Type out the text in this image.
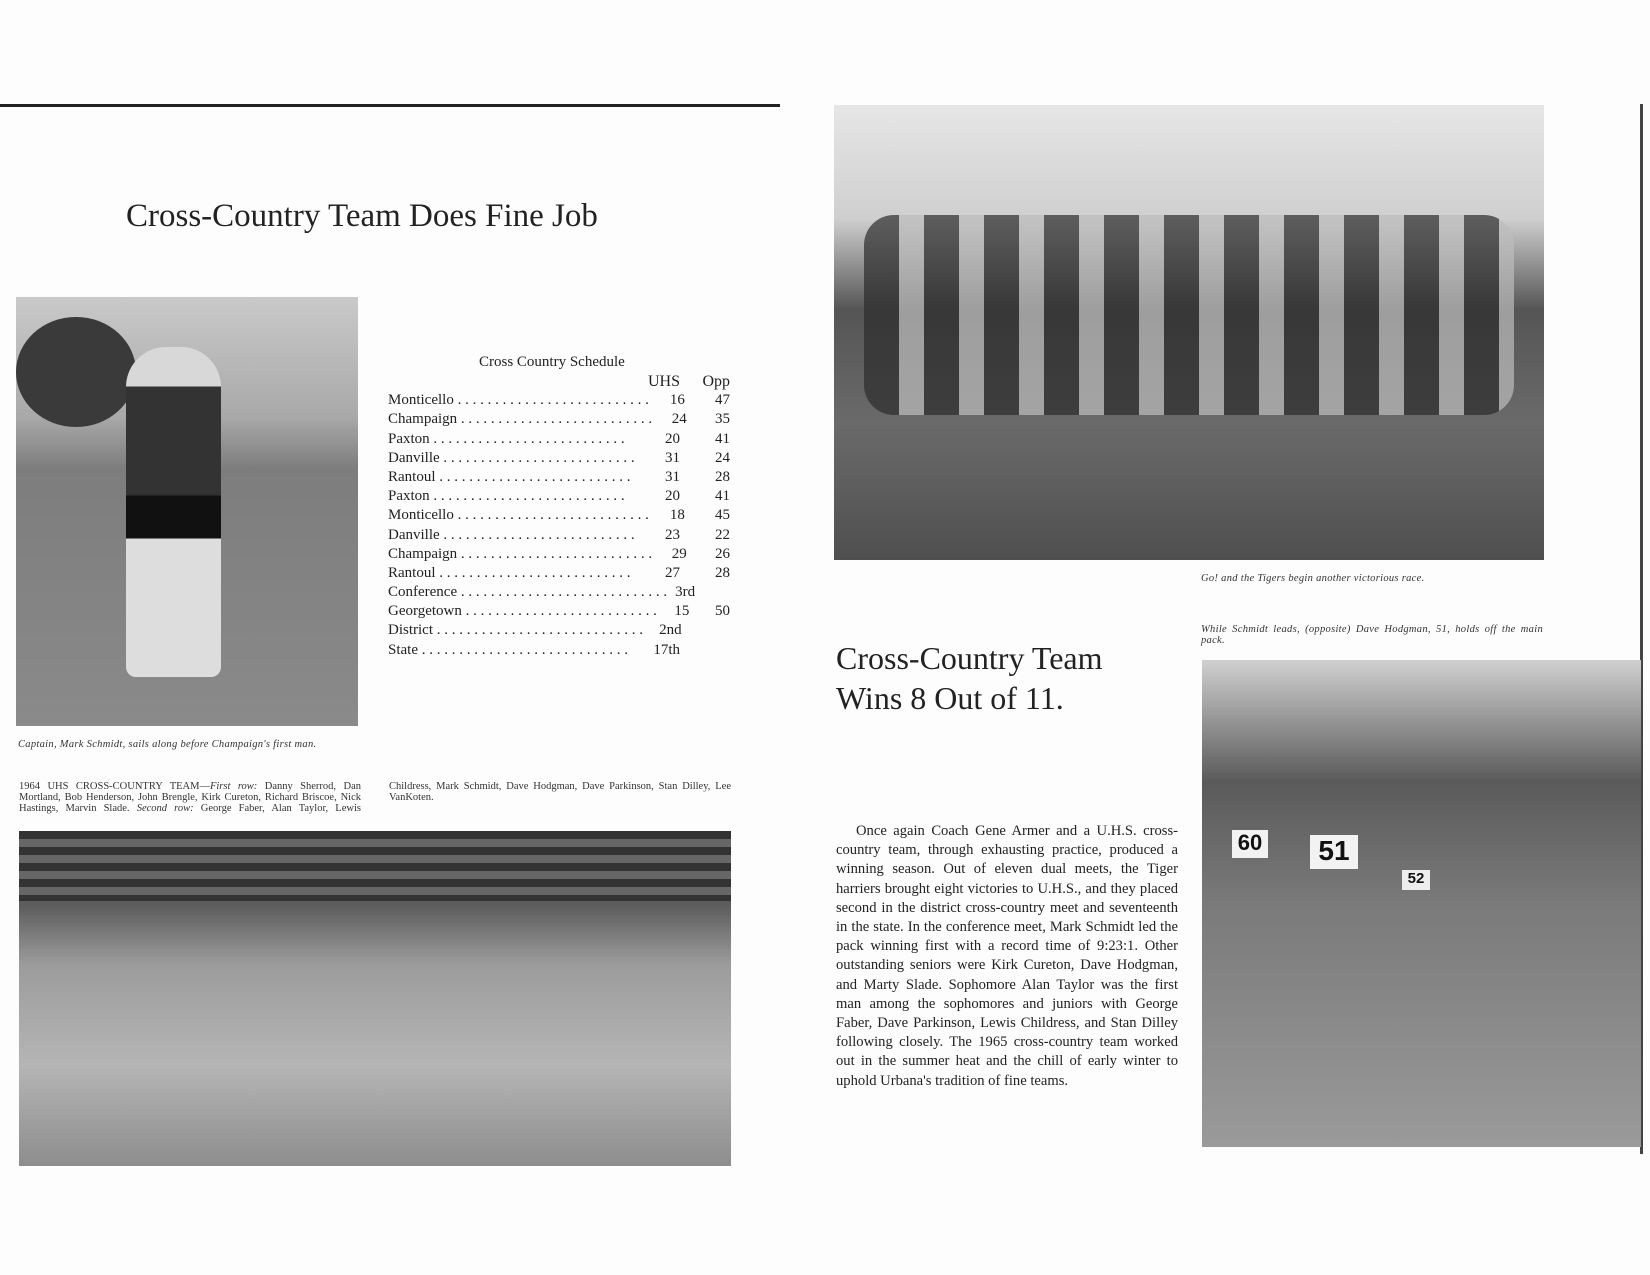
Cross-Country Team Does Fine Job
Captain, Mark Schmidt, sails along before Champaign's first man.
Cross Country Schedule
UHS	Opp
Monticello . . . . . . . . . . . . . . . . . . . . . . . . . .	16	47
Champaign . . . . . . . . . . . . . . . . . . . . . . . . . .	24	35
Paxton . . . . . . . . . . . . . . . . . . . . . . . . . .	20	41
Danville . . . . . . . . . . . . . . . . . . . . . . . . . .	31	24
Rantoul . . . . . . . . . . . . . . . . . . . . . . . . . .	31	28
Paxton . . . . . . . . . . . . . . . . . . . . . . . . . .	20	41
Monticello . . . . . . . . . . . . . . . . . . . . . . . . . .	18	45
Danville . . . . . . . . . . . . . . . . . . . . . . . . . .	23	22
Champaign . . . . . . . . . . . . . . . . . . . . . . . . . .	29	26
Rantoul . . . . . . . . . . . . . . . . . . . . . . . . . .	27	28
Conference . . . . . . . . . . . . . . . . . . . . . . . . . . . . 3rd
Georgetown . . . . . . . . . . . . . . . . . . . . . . . . . .	15	50
District . . . . . . . . . . . . . . . . . . . . . . . . . . . .	2nd
State . . . . . . . . . . . . . . . . . . . . . . . . . . . .	17th
1964 UHS CROSS-COUNTRY TEAM—First row: Danny Sherrod, Dan Mortland, Bob Henderson, John Brengle, Kirk Cureton, Richard Briscoe, Nick Hastings, Marvin Slade. Second row: George Faber, Alan Taylor, Lewis Childress, Mark Schmidt, Dave Hodgman, Dave Parkinson, Stan Dilley, Lee VanKoten.
Go! and the Tigers begin another victorious race.
While Schmidt leads, (opposite) Dave Hodgman, 51, holds off the main pack.
Cross-Country Team
Wins 8 Out of 11.
Once again Coach Gene Armer and a U.H.S. cross-country team, through exhausting practice, produced a winning season. Out of eleven dual meets, the Tiger harriers brought eight victories to U.H.S., and they placed second in the district cross-country meet and seventeenth in the state. In the conference meet, Mark Schmidt led the pack winning first with a record time of 9:23:1. Other outstanding seniors were Kirk Cureton, Dave Hodgman, and Marty Slade. Sophomore Alan Taylor was the first man among the sophomores and juniors with George Faber, Dave Parkinson, Lewis Childress, and Stan Dilley following closely. The 1965 cross-country team worked out in the summer heat and the chill of early winter to uphold Urbana's tradition of fine teams.
60	51
52
